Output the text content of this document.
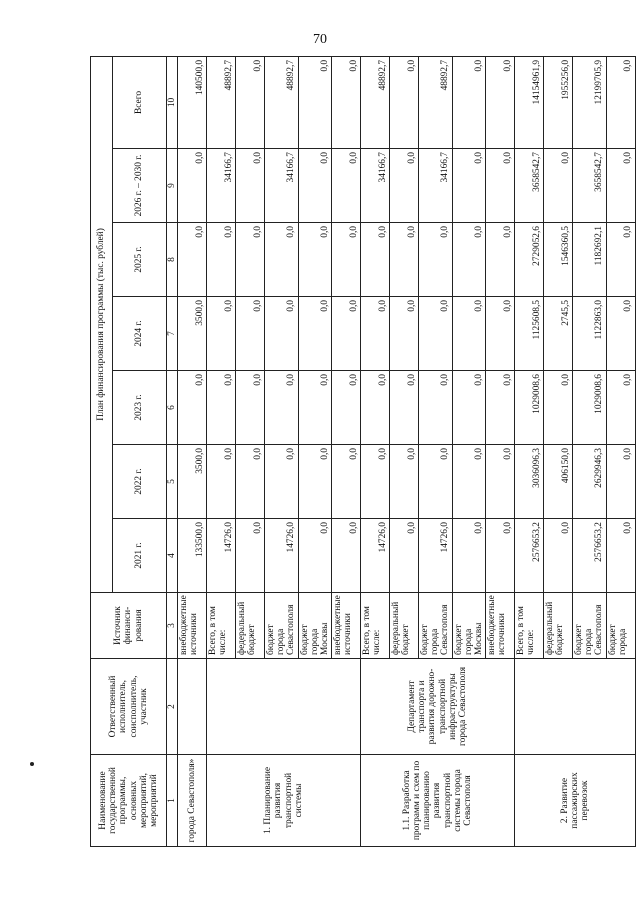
70
Наименование государственной программы, основных мероприятий, мероприятий	Ответственный исполнитель, соисполнитель, участник	Источник финанси-рования	План финансирования программы (тыс. рублей)						
			2021 г.	2022 г.	2023 г.	2024 г.	2025 г.	2026 г. – 2030 г.	Всего
1	2	3	4	5	6	7	8	9	10
города Севастополя»		внебюджетные источники	133500,0	3500,0	0,0	3500,0	0,0	0,0	140500,0
1. Планирование развития транспортной системы		Всего, в том числе:	14726,0	0,0	0,0	0,0	0,0	34166,7	48892,7
		федеральный бюджет	0,0	0,0	0,0	0,0	0,0	0,0	0,0
		бюджет города Севастополя	14726,0	0,0	0,0	0,0	0,0	34166,7	48892,7
		бюджет города Москвы	0,0	0,0	0,0	0,0	0,0	0,0	0,0
		внебюджетные источники	0,0	0,0	0,0	0,0	0,0	0,0	0,0
1.1. Разработка программ и схем по планированию развития транспортной системы города Севастополя	Департамент транспорта и развития дорожно-транспортной инфраструктуры города Севастополя	Всего, в том числе:	14726,0	0,0	0,0	0,0	0,0	34166,7	48892,7
		федеральный бюджет	0,0	0,0	0,0	0,0	0,0	0,0	0,0
		бюджет города Севастополя	14726,0	0,0	0,0	0,0	0,0	34166,7	48892,7
		бюджет города Москвы	0,0	0,0	0,0	0,0	0,0	0,0	0,0
		внебюджетные источники	0,0	0,0	0,0	0,0	0,0	0,0	0,0
2. Развитие пассажирских перевозок		Всего, в том числе:	2576653,2	3036096,3	1029008,6	1125608,5	2729052,6	3658542,7	14154961,9
		федеральный бюджет	0,0	406150,0	0,0	2745,5	1546360,5	0,0	1955256,0
		бюджет города Севастополя	2576653,2	2629946,3	1029008,6	1122863,0	1182692,1	3658542,7	12199705,9
		бюджет города	0,0	0,0	0,0	0,0	0,0	0,0	0,0
